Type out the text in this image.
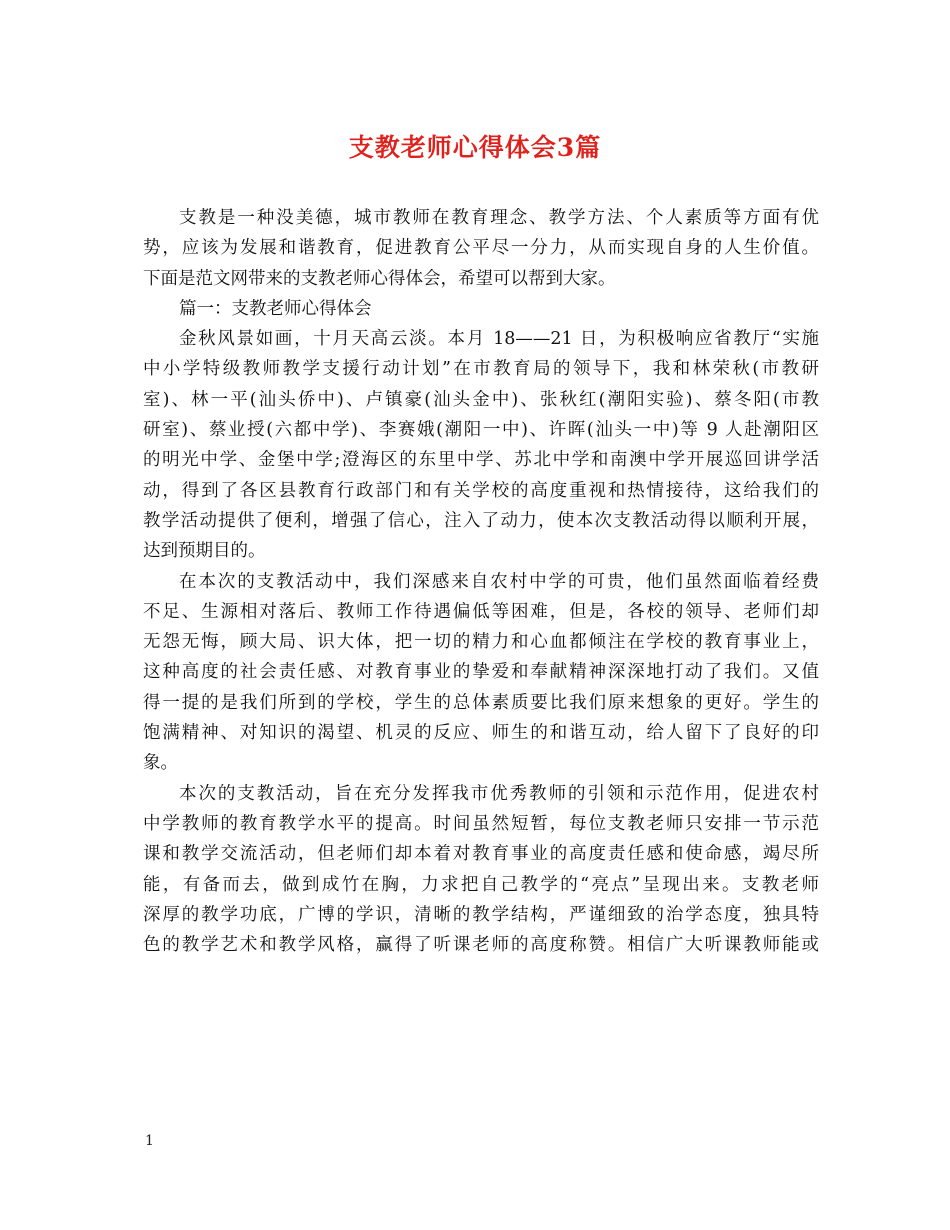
支教老师心得体会3篇
支教是一种没美德，城市教师在教育理念、教学方法、个人素质等方面有优
势，应该为发展和谐教育，促进教育公平尽一分力，从而实现自身的人生价值。
下面是范文网带来的支教老师心得体会，希望可以帮到大家。
篇一：支教老师心得体会
金秋风景如画，十月天高云淡。本月 18——21 日，为积极响应省教厅“实施
中小学特级教师教学支援行动计划”在市教育局的领导下，我和林荣秋(市教研
室)、林一平(汕头侨中)、卢镇豪(汕头金中)、张秋红(潮阳实验)、蔡冬阳(市教
研室)、蔡业授(六都中学)、李赛娥(潮阳一中)、许晖(汕头一中)等 9 人赴潮阳区
的明光中学、金堡中学;澄海区的东里中学、苏北中学和南澳中学开展巡回讲学活
动，得到了各区县教育行政部门和有关学校的高度重视和热情接待，这给我们的
教学活动提供了便利，增强了信心，注入了动力，使本次支教活动得以顺利开展，
达到预期目的。
在本次的支教活动中，我们深感来自农村中学的可贵，他们虽然面临着经费
不足、生源相对落后、教师工作待遇偏低等困难，但是，各校的领导、老师们却
无怨无悔，顾大局、识大体，把一切的精力和心血都倾注在学校的教育事业上，
这种高度的社会责任感、对教育事业的挚爱和奉献精神深深地打动了我们。又值
得一提的是我们所到的学校，学生的总体素质要比我们原来想象的更好。学生的
饱满精神、对知识的渴望、机灵的反应、师生的和谐互动，给人留下了良好的印
象。
本次的支教活动，旨在充分发挥我市优秀教师的引领和示范作用，促进农村
中学教师的教育教学水平的提高。时间虽然短暂，每位支教老师只安排一节示范
课和教学交流活动，但老师们却本着对教育事业的高度责任感和使命感，竭尽所
能，有备而去，做到成竹在胸，力求把自己教学的“亮点”呈现出来。支教老师
深厚的教学功底，广博的学识，清晰的教学结构，严谨细致的治学态度，独具特
色的教学艺术和教学风格，赢得了听课老师的高度称赞。相信广大听课教师能或
1
